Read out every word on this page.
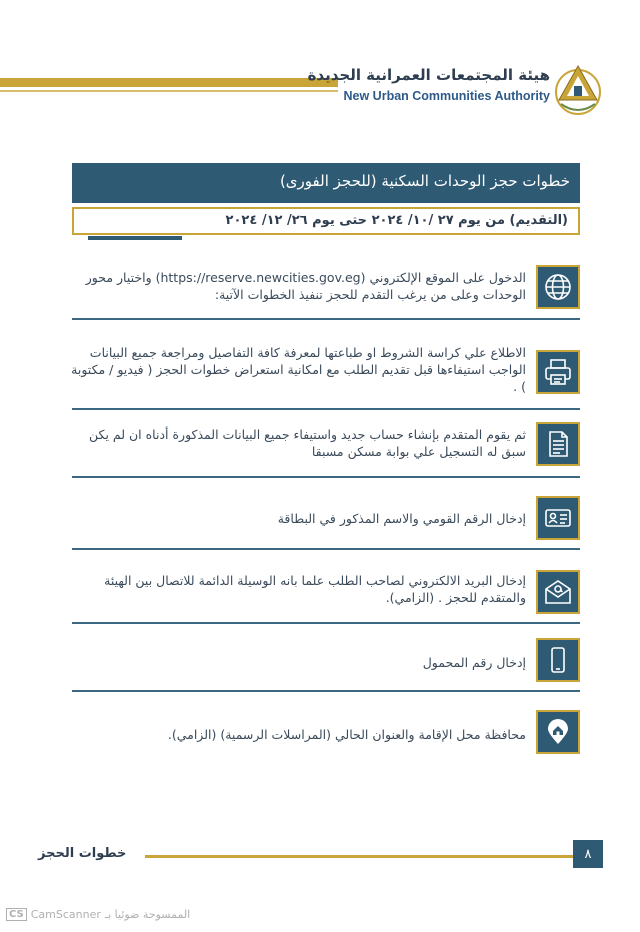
هيئة المجتمعات العمرانية الجديدة
New Urban Communities Authority
خطوات حجز الوحدات السكنية (للحجز الفورى)
(التقديم) من يوم ٢٧ /١٠/ ٢٠٢٤ حتى يوم ٢٦/ ١٢/ ٢٠٢٤
الدخول على الموقع الإلكتروني (https://reserve.newcities.gov.eg) واختيار محور الوحدات وعلى من يرغب التقدم للحجز تنفيذ الخطوات الآتية:
الاطلاع علي كراسة الشروط او طباعتها لمعرفة كافة التفاصيل ومراجعة جميع البيانات الواجب استيفاءها قبل تقديم الطلب مع امكانية استعراض خطوات الحجز ( فيديو / مكتوبة ) .
ثم يقوم المتقدم بإنشاء حساب جديد واستيفاء جميع البيانات المذكورة أدناه ان لم يكن سبق له التسجيل علي بوابة مسكن مسبقا
إدخال الرقم القومي والاسم المذكور في البطاقة
إدخال البريد الالكتروني لصاحب الطلب علما بانه الوسيلة الدائمة للاتصال بين الهيئة والمتقدم للحجز . (الزامي).
إدخال رقم المحمول
محافظة محل الإقامة والعنوان الحالي (المراسلات الرسمية) (الزامي).
خطوات الحجز	٨
CS CamScanner الممسوحة ضوئيا بـ
